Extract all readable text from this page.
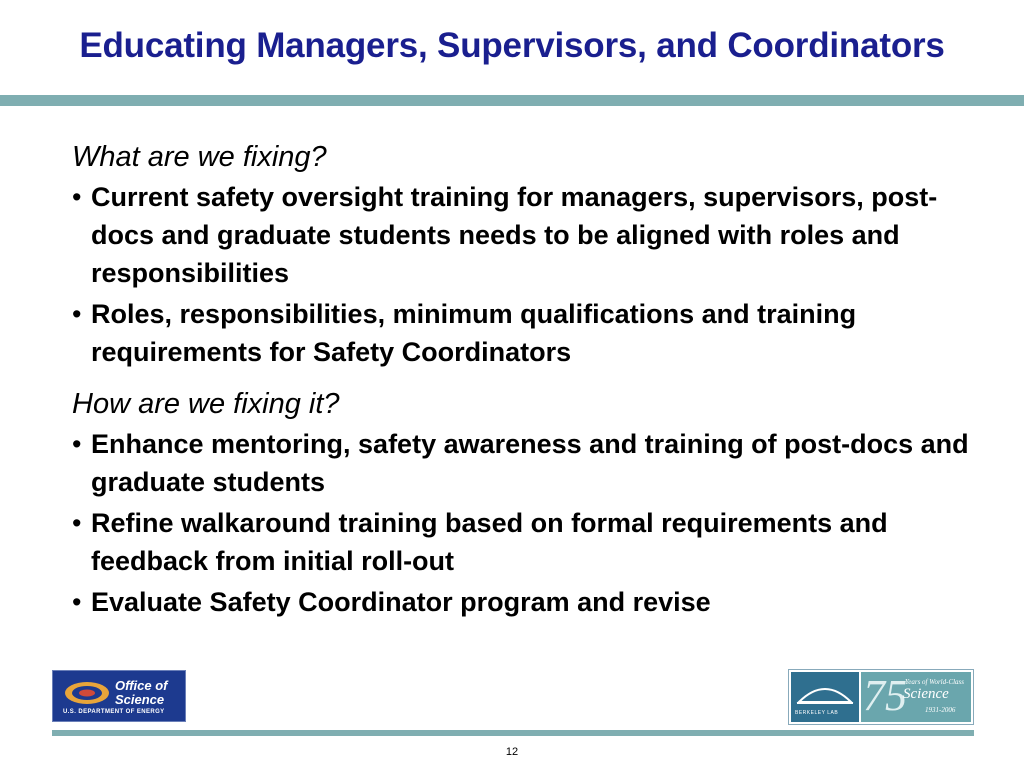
Educating Managers, Supervisors, and Coordinators

What are we fixing?

• Current safety oversight training for managers, supervisors, post-docs and graduate students needs to be aligned with roles and responsibilities
• Roles, responsibilities, minimum qualifications and training requirements for Safety Coordinators

How are we fixing it?

• Enhance mentoring, safety awareness and training of post-docs and graduate students
• Refine walkaround training based on formal requirements and feedback from initial roll-out
• Evaluate Safety Coordinator program and revise
Office of
Science
U.S. DEPARTMENT OF ENERGY	BERKELEY LAB 75
Years of World-Class
Science
1931-2006
12
